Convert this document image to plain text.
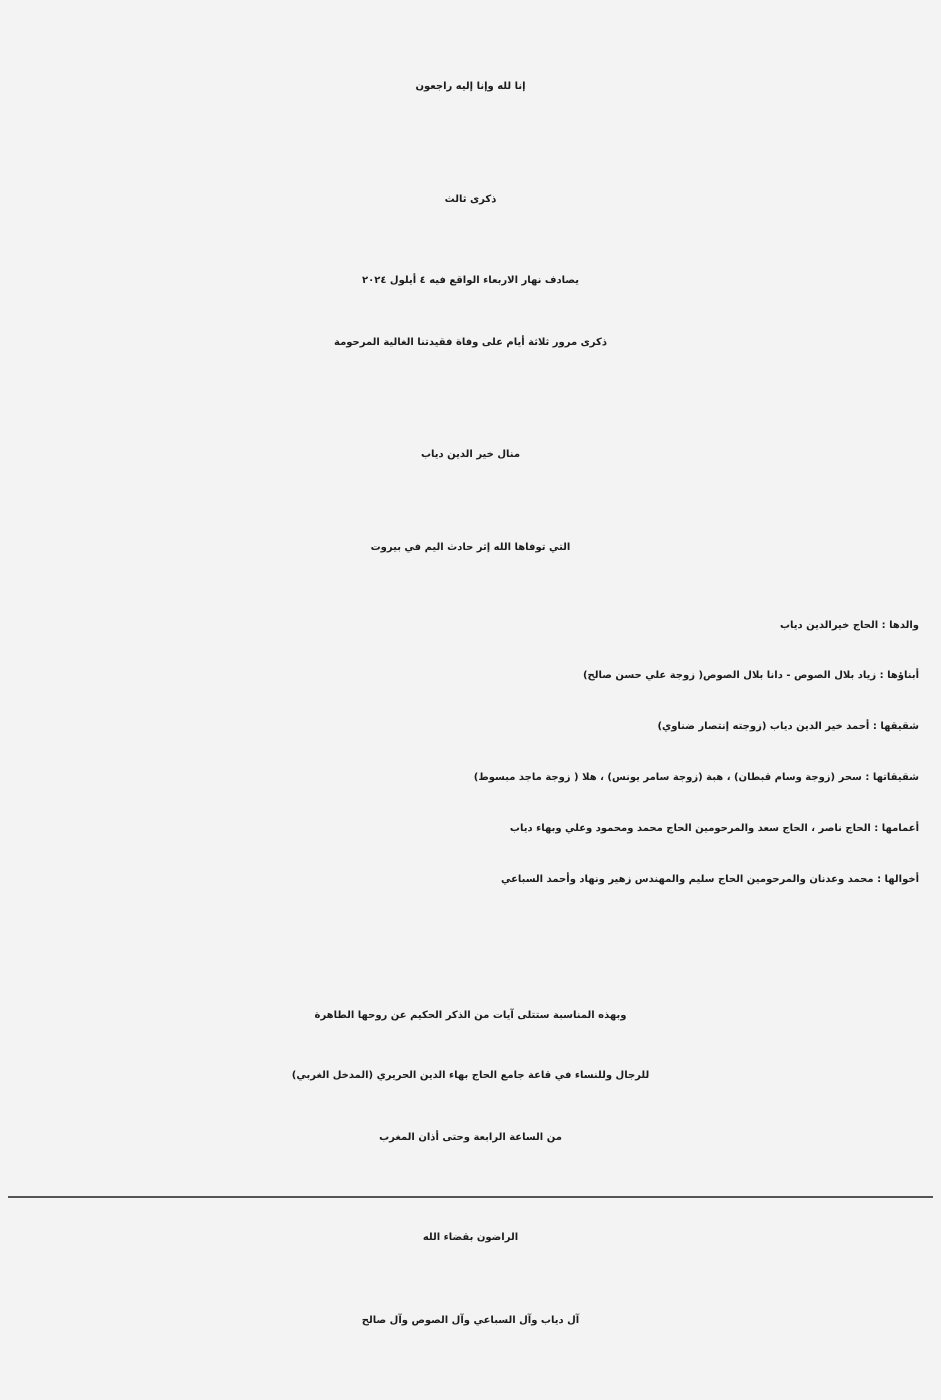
إنا لله وإنا إليه راجعون

ذكرى ثالث

يصادف نهار الاربعاء الواقع فيه ٤ أيلول ٢٠٢٤

ذكرى مرور ثلاثة أيام على وفاة فقيدتنا الغالية المرحومة

منال خير الدين دياب

التي توفاها الله إثر حادث اليم في بيروت

والدها : الحاج خيرالدين دياب

أبناؤها : زياد بلال الصوص - دانا بلال الصوص( زوجة علي حسن صالح)

شقيقها : أحمد خير الدين دياب (زوجته إنتصار ضناوي)

شقيقاتها : سحر (زوجة وسام قبطان) ، هبة (زوجة سامر يونس) ، هلا ( زوجة ماجد مبسوط)

أعمامها : الحاج ناصر ، الحاج سعد والمرحومين الحاج محمد ومحمود وعلي وبهاء دياب

أخوالها : محمد وعدنان والمرحومين الحاج سليم والمهندس زهير ونهاد وأحمد السباعي

وبهذه المناسبة ستتلى آيات من الذكر الحكيم عن روحها الطاهرة

للرجال وللنساء في قاعة جامع الحاج بهاء الدين الحريري (المدخل الغربي)

من الساعة الرابعة وحتى أذان المغرب

الراضون بقضاء الله

آل دياب وآل السباعي وآل الصوص وآل صالح
